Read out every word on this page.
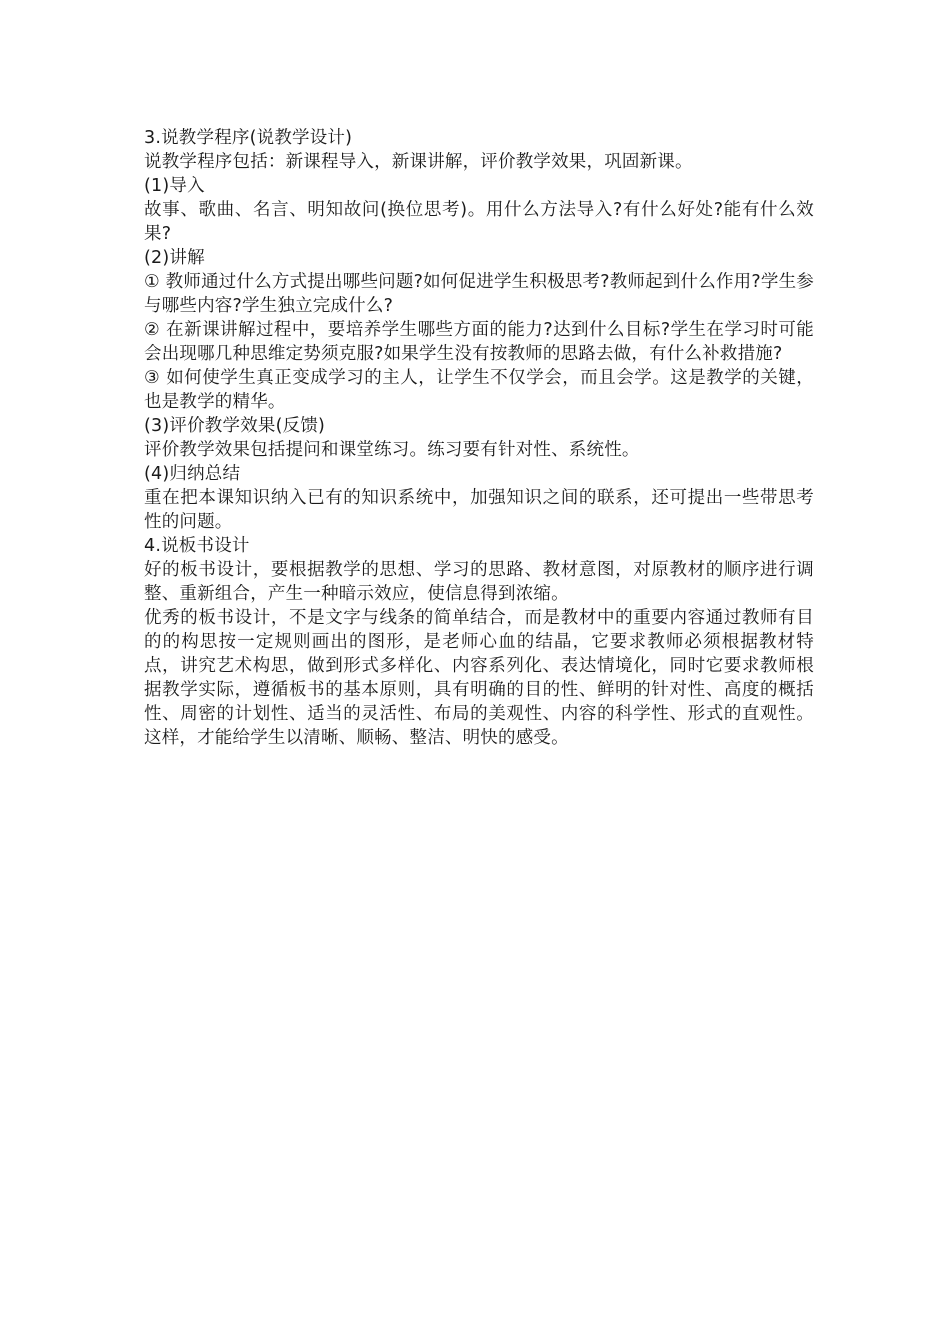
3.说教学程序(说教学设计)

说教学程序包括：新课程导入，新课讲解，评价教学效果，巩固新课。

(1)导入

故事、歌曲、名言、明知故问(换位思考)。用什么方法导入?有什么好处?能有什么效果?

(2)讲解

① 教师通过什么方式提出哪些问题?如何促进学生积极思考?教师起到什么作用?学生参与哪些内容?学生独立完成什么?

② 在新课讲解过程中，要培养学生哪些方面的能力?达到什么目标?学生在学习时可能会出现哪几种思维定势须克服?如果学生没有按教师的思路去做，有什么补救措施?

③ 如何使学生真正变成学习的主人，让学生不仅学会，而且会学。这是教学的关键，也是教学的精华。

(3)评价教学效果(反馈)

评价教学效果包括提问和课堂练习。练习要有针对性、系统性。

(4)归纳总结

重在把本课知识纳入已有的知识系统中，加强知识之间的联系，还可提出一些带思考性的问题。

4.说板书设计

好的板书设计，要根据教学的思想、学习的思路、教材意图，对原教材的顺序进行调整、重新组合，产生一种暗示效应，使信息得到浓缩。

优秀的板书设计，不是文字与线条的简单结合，而是教材中的重要内容通过教师有目的的构思按一定规则画出的图形，是老师心血的结晶，它要求教师必须根据教材特点，讲究艺术构思，做到形式多样化、内容系列化、表达情境化，同时它要求教师根据教学实际，遵循板书的基本原则，具有明确的目的性、鲜明的针对性、高度的概括性、周密的计划性、适当的灵活性、布局的美观性、内容的科学性、形式的直观性。这样，才能给学生以清晰、顺畅、整洁、明快的感受。
